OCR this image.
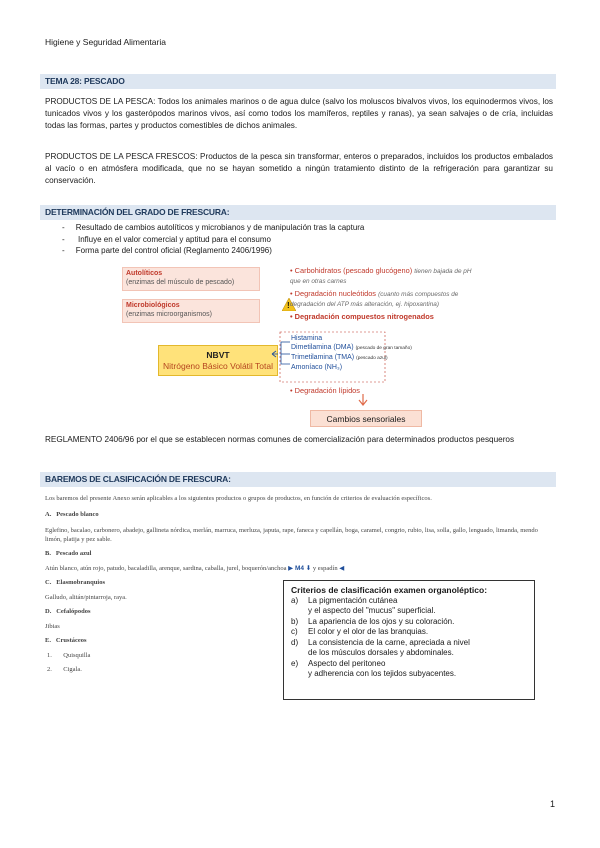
Higiene y Seguridad Alimentaria
TEMA 28: PESCADO
PRODUCTOS DE LA PESCA: Todos los animales marinos o de agua dulce (salvo los moluscos bivalvos vivos, los equinodermos vivos, los tunicados vivos y los gasterópodos marinos vivos, así como todos los mamíferos, reptiles y ranas), ya sean salvajes o de cría, incluidas todas las formas, partes y productos comestibles de dichos animales.
PRODUCTOS DE LA PESCA FRESCOS: Productos de la pesca sin transformar, enteros o preparados, incluidos los productos embalados al vacío o en atmósfera modificada, que no se hayan sometido a ningún tratamiento distinto de la refrigeración para garantizar su conservación.
DETERMINACIÓN DEL GRADO DE FRESCURA:
-     Resultado de cambios autolíticos y microbianos y de manipulación tras la captura
-      Influye en el valor comercial y aptitud para el consumo
-     Forma parte del control oficial (Reglamento 2406/1996)
Autolíticos
(enzimas del músculo de pescado)
Microbiológicos
(enzimas microorganismos)
NBVT
Nitrógeno Básico Volátil Total
!
• Carbohidratos (pescado glucógeno) tienen bajada de pH que en otras carnes
• Degradación nucleótidos (cuanto más compuestos de degradación del ATP más alteración, ej. hipoxantina)
• Degradación compuestos nitrogenados
Histamina
Dimetilamina (DMA) (pescado de gran tamaño)
Trimetilamina (TMA) (pescado azul)
Amoníaco (NH₃)
• Degradación lípidos
Cambios sensoriales
REGLAMENTO 2406/96 por el que se establecen normas comunes de comercialización para determinados productos pesqueros
BAREMOS DE CLASIFICACIÓN DE FRESCURA:
Los baremos del presente Anexo serán aplicables a los siguientes productos o grupos de productos, en función de criterios de evaluación específicos.
A. Pescado blanco
Eglefino, bacalao, carbonero, abadejo, gallineta nórdica, merlán, marruca, merluza, japuta, rape, faneca y capellán, boga, caramel, congrio, rubio, lisa, solla, gallo, lenguado, limanda, mendo limón, platija y pez sable.
B. Pescado azul
Atún blanco, atún rojo, patudo, bacaladilla, arenque, sardina, caballa, jurel, boquerón/anchoa ▶ M4 ⬇ y espadín ◀
C. Elasmobranquios
Galludo, alitán/pintarroja, raya.
D. Cefalópodos
Jibias
E. Crustáceos
1. Quisquilla
2. Cigala.
Criterios de clasificación examen organoléptico:
a)	La pigmentación cutánea
y el aspecto del "mucus" superficial.
b)	La apariencia de los ojos y su coloración.
c)	El color y el olor de las branquias.
d)	La consistencia de la carne, apreciada a nivel
de los músculos dorsales y abdominales.
e)	Aspecto del peritoneo
y adherencia con los tejidos subyacentes.
1
